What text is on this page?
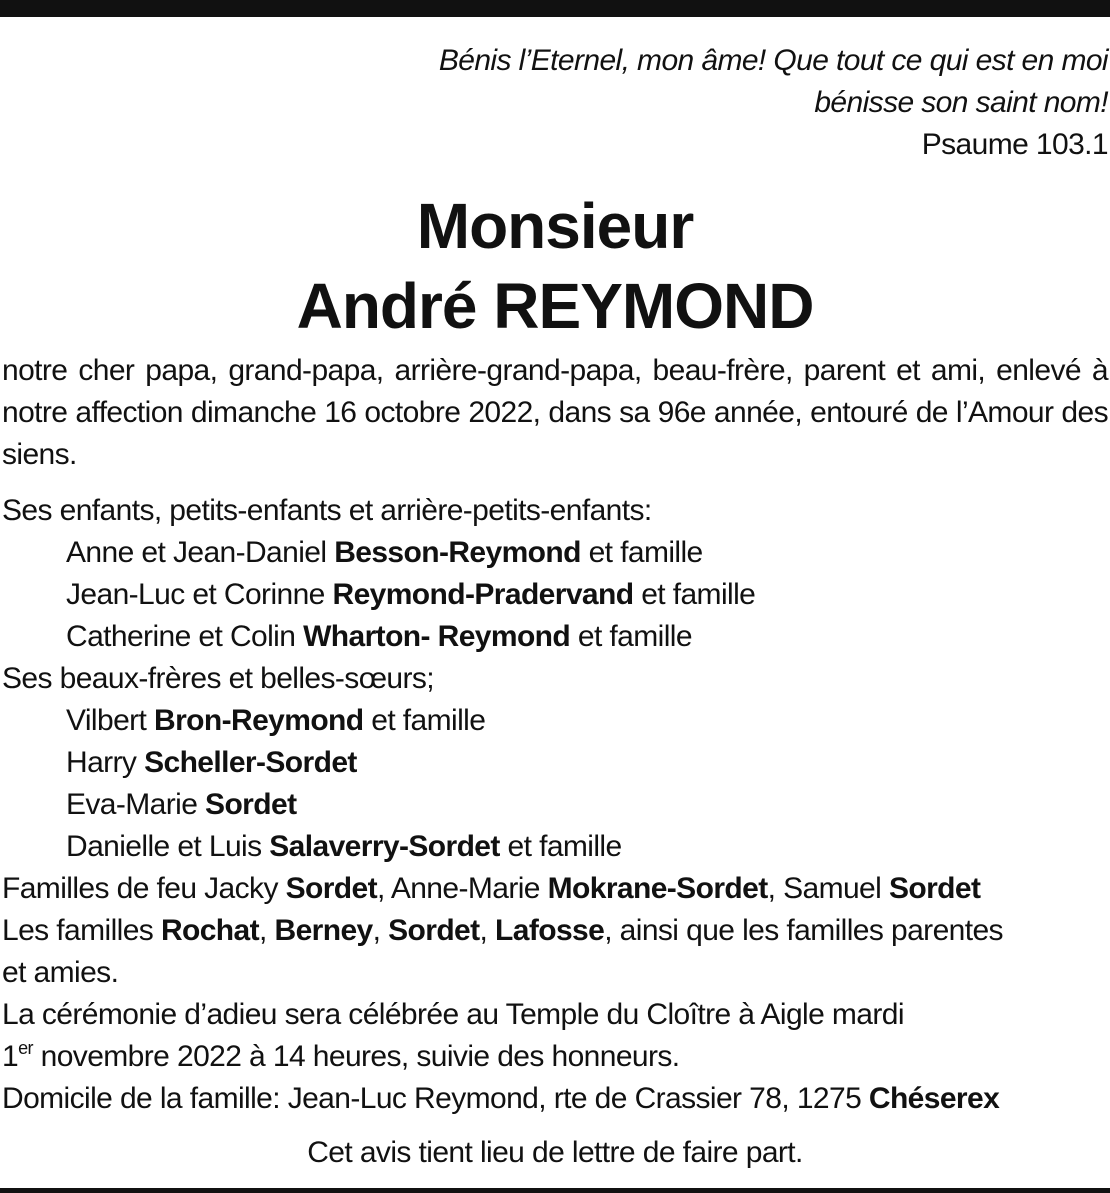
Bénis l’Eternel, mon âme! Que tout ce qui est en moi
bénisse son saint nom!
Psaume 103.1
Monsieur
André REYMOND
notre cher papa, grand-papa, arrière-grand-papa, beau-frère, parent et ami, enlevé à notre affection dimanche 16 octobre 2022, dans sa 96e année, entouré de l’Amour des siens.
Ses enfants, petits-enfants et arrière-petits-enfants:
Anne et Jean-Daniel Besson-Reymond et famille
Jean-Luc et Corinne Reymond-Pradervand et famille
Catherine et Colin Wharton- Reymond et famille
Ses beaux-frères et belles-sœurs;
Vilbert Bron-Reymond et famille
Harry Scheller-Sordet
Eva-Marie Sordet
Danielle et Luis Salaverry-Sordet et famille
Familles de feu Jacky Sordet, Anne-Marie Mokrane-Sordet, Samuel Sordet
Les familles Rochat, Berney, Sordet, Lafosse, ainsi que les familles parentes
et amies.
La cérémonie d’adieu sera célébrée au Temple du Cloître à Aigle mardi
1er novembre 2022 à 14 heures, suivie des honneurs.
Domicile de la famille: Jean-Luc Reymond, rte de Crassier 78, 1275 Chéserex
Cet avis tient lieu de lettre de faire part.
